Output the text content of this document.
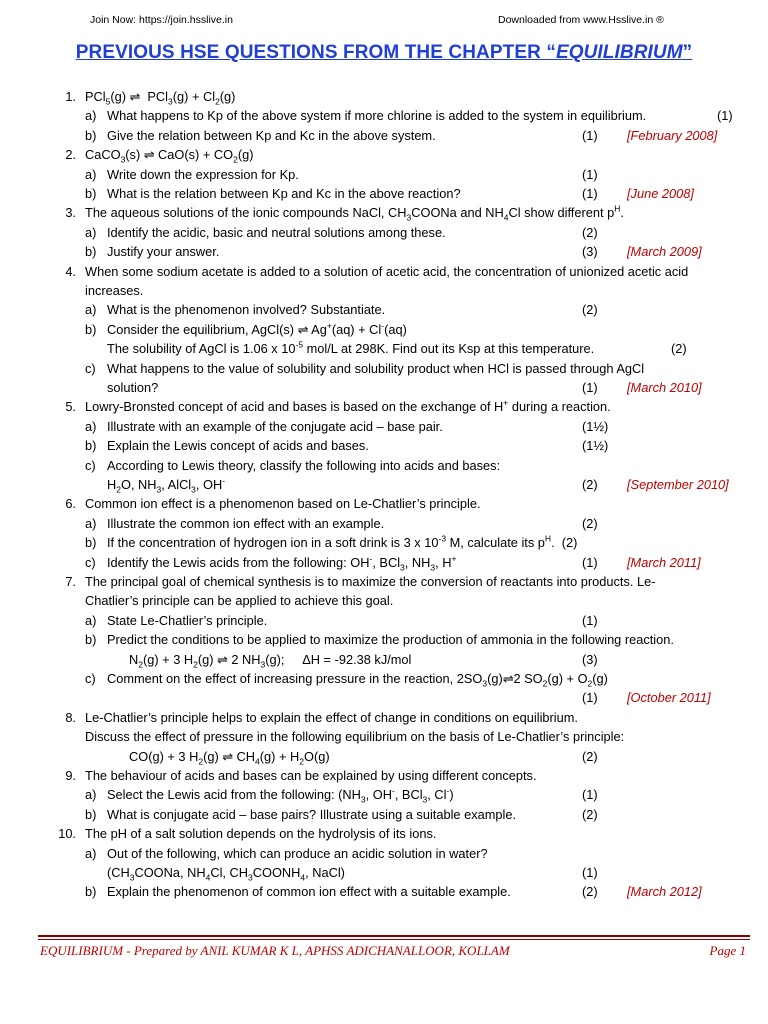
Join Now: https://join.hsslive.in	Downloaded from www.Hsslive.in ®
PREVIOUS HSE QUESTIONS FROM THE CHAPTER “EQUILIBRIUM”
1. PCl$_5$(g) ⇌  $PCl_3(g) + Cl_2(g)$
a) What happens to Kp of the above system if more chlorine is added to the system in equilibrium.	(1)
b) Give the relation between Kp and Kc in the above system.	(1) [February 2008]
2. CaCO$_3$(s) ⇌ $CaO(s) + CO_2(g)$
a) Write down the expression for Kp.	(1)
b) What is the relation between Kp and Kc in the above reaction?	(1) [June 2008]
3. The aqueous solutions of the ionic compounds NaCl, $CH_3COONa$ and $NH_4Cl$ show different $p^H$.
a) Identify the acidic, basic and neutral solutions among these.	(2)
b) Justify your answer.	(3) [March 2009]
4. When some sodium acetate is added to a solution of acetic acid, the concentration of unionized acetic acid
increases.
a) What is the phenomenon involved? Substantiate.	(2)
b) Consider the equilibrium, AgCl(s) ⇌ Ag+(aq) + Cl-(aq)
The solubility of AgCl is 1.06 x $10^{-5}$ mol/L at 298K. Find out its Ksp at this temperature.	(2)
c) What happens to the value of solubility and solubility product when HCl is passed through AgCl
solution?	(1) [March 2010]
5. Lowry-Bronsted concept of acid and bases is based on the exchange of H+ during a reaction.
a) Illustrate with an example of the conjugate acid – base pair.	(1½)
b) Explain the Lewis concept of acids and bases.	(1½)
c) According to Lewis theory, classify the following into acids and bases:
$H_2O$, $NH_3$, AlCl$_3$, OH-	(2) [September 2010]
6. Common ion effect is a phenomenon based on Le-Chatlier’s principle.
a) Illustrate the common ion effect with an example.	(2)
b) If the concentration of hydrogen ion in a soft drink is 3 x $10^{-3}$ M, calculate its $p^H$.  (2)
c) Identify the Lewis acids from the following: OH-, BCl$_3$, $NH_3$, H+	(1) [March 2011]
7. The principal goal of chemical synthesis is to maximize the conversion of reactants into products. Le-
Chatlier’s principle can be applied to achieve this goal.
a) State Le-Chatlier’s principle.	(1)
b) Predict the conditions to be applied to maximize the production of ammonia in the following reaction.
$N_2(g) + 3$ $H_2(g)$ ⇌ 2 $NH_3(g)$;     ΔH = -92.38 kJ/mol	(3)
c) Comment on the effect of increasing pressure in the reaction, $2SO_3(g)\rightleftharpoons 2$ $SO_2(g) + O_2(g)$
(1) [October 2011]
8. Le-Chatlier’s principle helps to explain the effect of change in conditions on equilibrium.
Discuss the effect of pressure in the following equilibrium on the basis of Le-Chatlier’s principle:
CO(g) + 3 $H_2(g)$ ⇌ $CH_4(g) + H_2O(g)$	(2)
9. The behaviour of acids and bases can be explained by using different concepts.
a) Select the Lewis acid from the following: ($NH_3$, OH-, BCl$_3$, Cl-)	(1)
b) What is conjugate acid – base pairs? Illustrate using a suitable example.	(2)
10. The pH of a salt solution depends on the hydrolysis of its ions.
a) Out of the following, which can produce an acidic solution in water?
($CH_3COONa$, $NH_4Cl$, $CH_3COONH_4$, NaCl)	(1)
b) Explain the phenomenon of common ion effect with a suitable example.	(2) [March 2012]
EQUILIBRIUM - Prepared by ANIL KUMAR K L, APHSS ADICHANALLOOR, KOLLAM	Page 1
